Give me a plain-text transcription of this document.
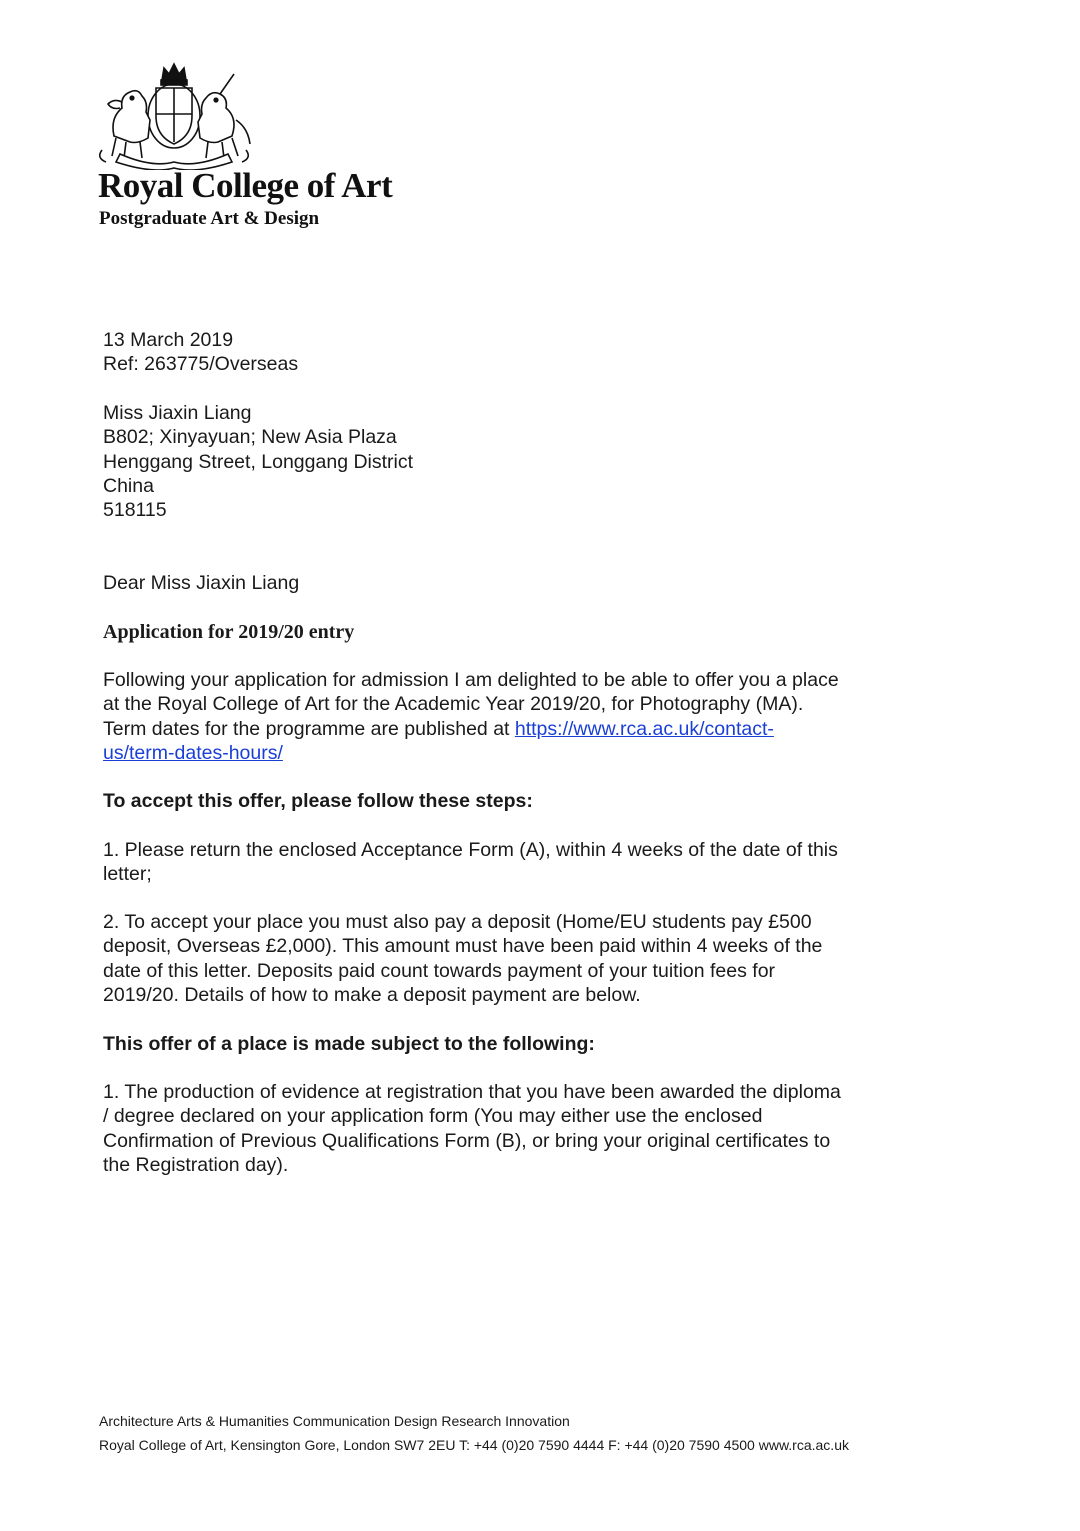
Royal College of Art
Postgraduate Art & Design
13 March 2019
Ref: 263775/Overseas
Miss Jiaxin Liang
B802; Xinyayuan; New Asia Plaza
Henggang Street, Longgang District
China
518115
Dear Miss Jiaxin Liang
Application for 2019/20 entry
Following your application for admission I am delighted to be able to offer you a place
at the Royal College of Art for the Academic Year 2019/20, for Photography (MA).
Term dates for the programme are published at https://www.rca.ac.uk/contact-
us/term-dates-hours/
To accept this offer, please follow these steps:
1. Please return the enclosed Acceptance Form (A), within 4 weeks of the date of this
letter;
2. To accept your place you must also pay a deposit (Home/EU students pay £500
deposit, Overseas £2,000). This amount must have been paid within 4 weeks of the
date of this letter. Deposits paid count towards payment of your tuition fees for
2019/20. Details of how to make a deposit payment are below.
This offer of a place is made subject to the following:
1. The production of evidence at registration that you have been awarded the diploma
/ degree declared on your application form (You may either use the enclosed
Confirmation of Previous Qualifications Form (B), or bring your original certificates to
the Registration day).
Architecture Arts & Humanities Communication Design Research Innovation
Royal College of Art, Kensington Gore, London SW7 2EU T: +44 (0)20 7590 4444 F: +44 (0)20 7590 4500 www.rca.ac.uk
